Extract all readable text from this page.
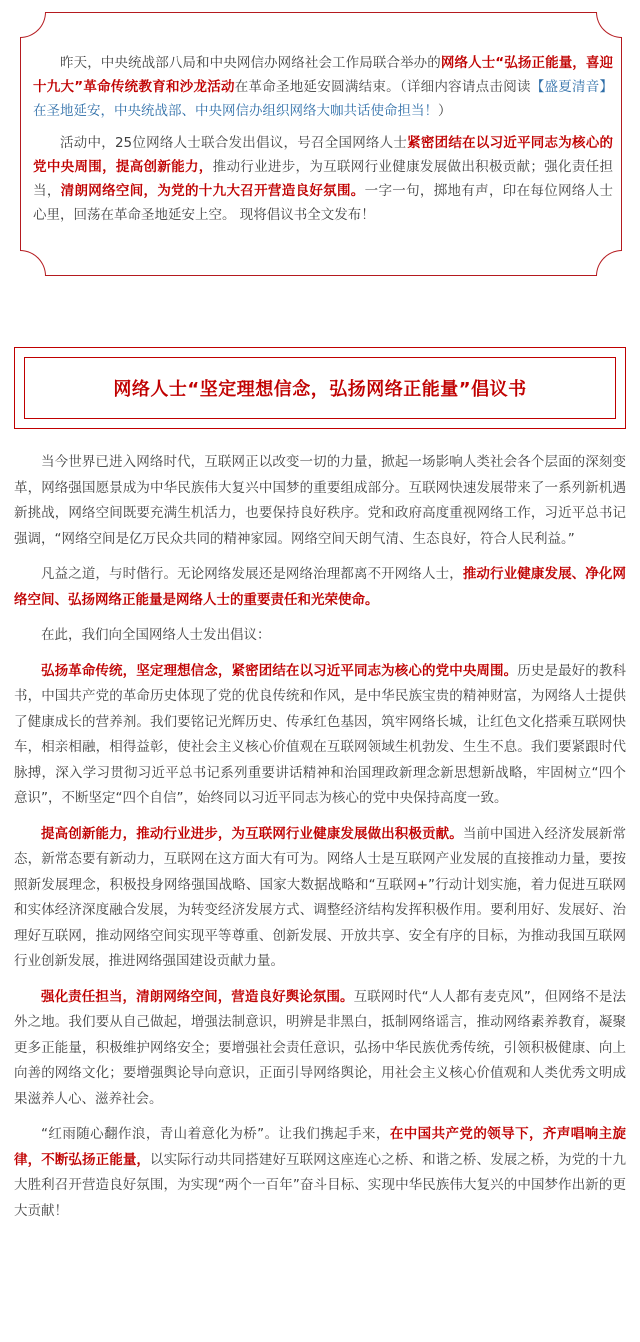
昨天，中央统战部八局和中央网信办网络社会工作局联合举办的网络人士“弘扬正能量，喜迎十九大”革命传统教育和沙龙活动在革命圣地延安圆满结束。（详细内容请点击阅读【盛夏清音】在圣地延安，中央统战部、中央网信办组织网络大咖共话使命担当！）

活动中，25位网络人士联合发出倡议，号召全国网络人士紧密团结在以习近平同志为核心的党中央周围，提高创新能力，推动行业进步，为互联网行业健康发展做出积极贡献；强化责任担当，清朗网络空间，为党的十九大召开营造良好氛围。一字一句，掷地有声，印在每位网络人士心里，回荡在革命圣地延安上空。 现将倡议书全文发布！

网络人士“坚定理想信念，弘扬网络正能量”倡议书

当今世界已进入网络时代，互联网正以改变一切的力量，掀起一场影响人类社会各个层面的深刻变革，网络强国愿景成为中华民族伟大复兴中国梦的重要组成部分。互联网快速发展带来了一系列新机遇新挑战，网络空间既要充满生机活力，也要保持良好秩序。党和政府高度重视网络工作，习近平总书记强调，“网络空间是亿万民众共同的精神家园。网络空间天朗气清、生态良好，符合人民利益。”

凡益之道，与时偕行。无论网络发展还是网络治理都离不开网络人士，推动行业健康发展、净化网络空间、弘扬网络正能量是网络人士的重要责任和光荣使命。

在此，我们向全国网络人士发出倡议：

弘扬革命传统，坚定理想信念，紧密团结在以习近平同志为核心的党中央周围。历史是最好的教科书，中国共产党的革命历史体现了党的优良传统和作风，是中华民族宝贵的精神财富，为网络人士提供了健康成长的营养剂。我们要铭记光辉历史、传承红色基因，筑牢网络长城，让红色文化搭乘互联网快车，相亲相融，相得益彰，使社会主义核心价值观在互联网领域生机勃发、生生不息。我们要紧跟时代脉搏，深入学习贯彻习近平总书记系列重要讲话精神和治国理政新理念新思想新战略，牢固树立“四个意识”，不断坚定“四个自信”，始终同以习近平同志为核心的党中央保持高度一致。

提高创新能力，推动行业进步，为互联网行业健康发展做出积极贡献。当前中国进入经济发展新常态，新常态要有新动力，互联网在这方面大有可为。网络人士是互联网产业发展的直接推动力量，要按照新发展理念，积极投身网络强国战略、国家大数据战略和“互联网+”行动计划实施，着力促进互联网和实体经济深度融合发展，为转变经济发展方式、调整经济结构发挥积极作用。要利用好、发展好、治理好互联网，推动网络空间实现平等尊重、创新发展、开放共享、安全有序的目标，为推动我国互联网行业创新发展，推进网络强国建设贡献力量。

强化责任担当，清朗网络空间，营造良好舆论氛围。互联网时代“人人都有麦克风”，但网络不是法外之地。我们要从自己做起，增强法制意识，明辨是非黑白，抵制网络谣言，推动网络素养教育，凝聚更多正能量，积极维护网络安全；要增强社会责任意识，弘扬中华民族优秀传统，引领积极健康、向上向善的网络文化；要增强舆论导向意识，正面引导网络舆论，用社会主义核心价值观和人类优秀文明成果滋养人心、滋养社会。

“红雨随心翻作浪，青山着意化为桥”。让我们携起手来，在中国共产党的领导下，齐声唱响主旋律，不断弘扬正能量，以实际行动共同搭建好互联网这座连心之桥、和谐之桥、发展之桥，为党的十九大胜利召开营造良好氛围，为实现“两个一百年”奋斗目标、实现中华民族伟大复兴的中国梦作出新的更大贡献！
